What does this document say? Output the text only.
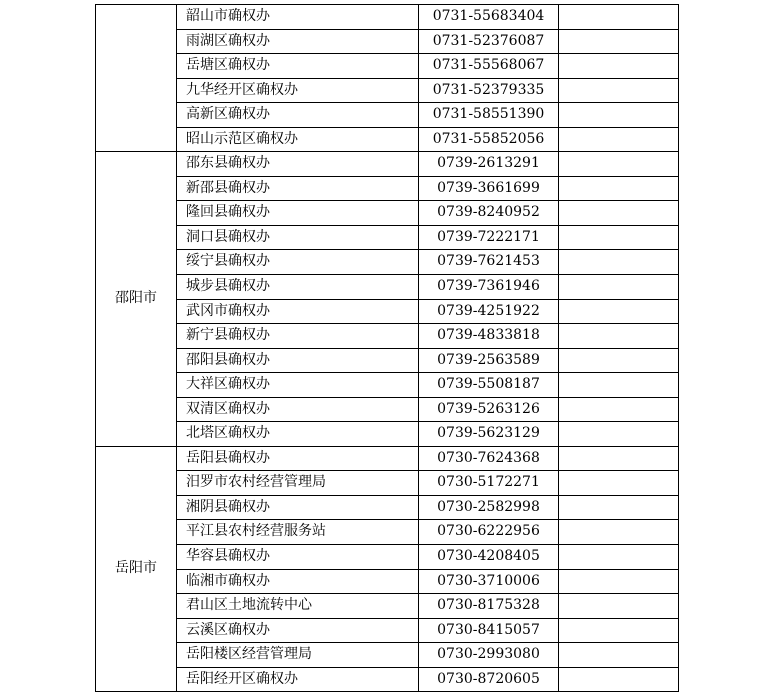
	韶山市确权办	0731-55683404	
	雨湖区确权办	0731-52376087	
	岳塘区确权办	0731-55568067	
	九华经开区确权办	0731-52379335	
	高新区确权办	0731-58551390	
	昭山示范区确权办	0731-55852056	
邵阳市	邵东县确权办	0739-2613291	
	新邵县确权办	0739-3661699	
	隆回县确权办	0739-8240952	
	洞口县确权办	0739-7222171	
	绥宁县确权办	0739-7621453	
	城步县确权办	0739-7361946	
	武冈市确权办	0739-4251922	
	新宁县确权办	0739-4833818	
	邵阳县确权办	0739-2563589	
	大祥区确权办	0739-5508187	
	双清区确权办	0739-5263126	
	北塔区确权办	0739-5623129	
岳阳市	岳阳县确权办	0730-7624368	
	汨罗市农村经营管理局	0730-5172271	
	湘阴县确权办	0730-2582998	
	平江县农村经营服务站	0730-6222956	
	华容县确权办	0730-4208405	
	临湘市确权办	0730-3710006	
	君山区土地流转中心	0730-8175328	
	云溪区确权办	0730-8415057	
	岳阳楼区经营管理局	0730-2993080	
	岳阳经开区确权办	0730-8720605	
